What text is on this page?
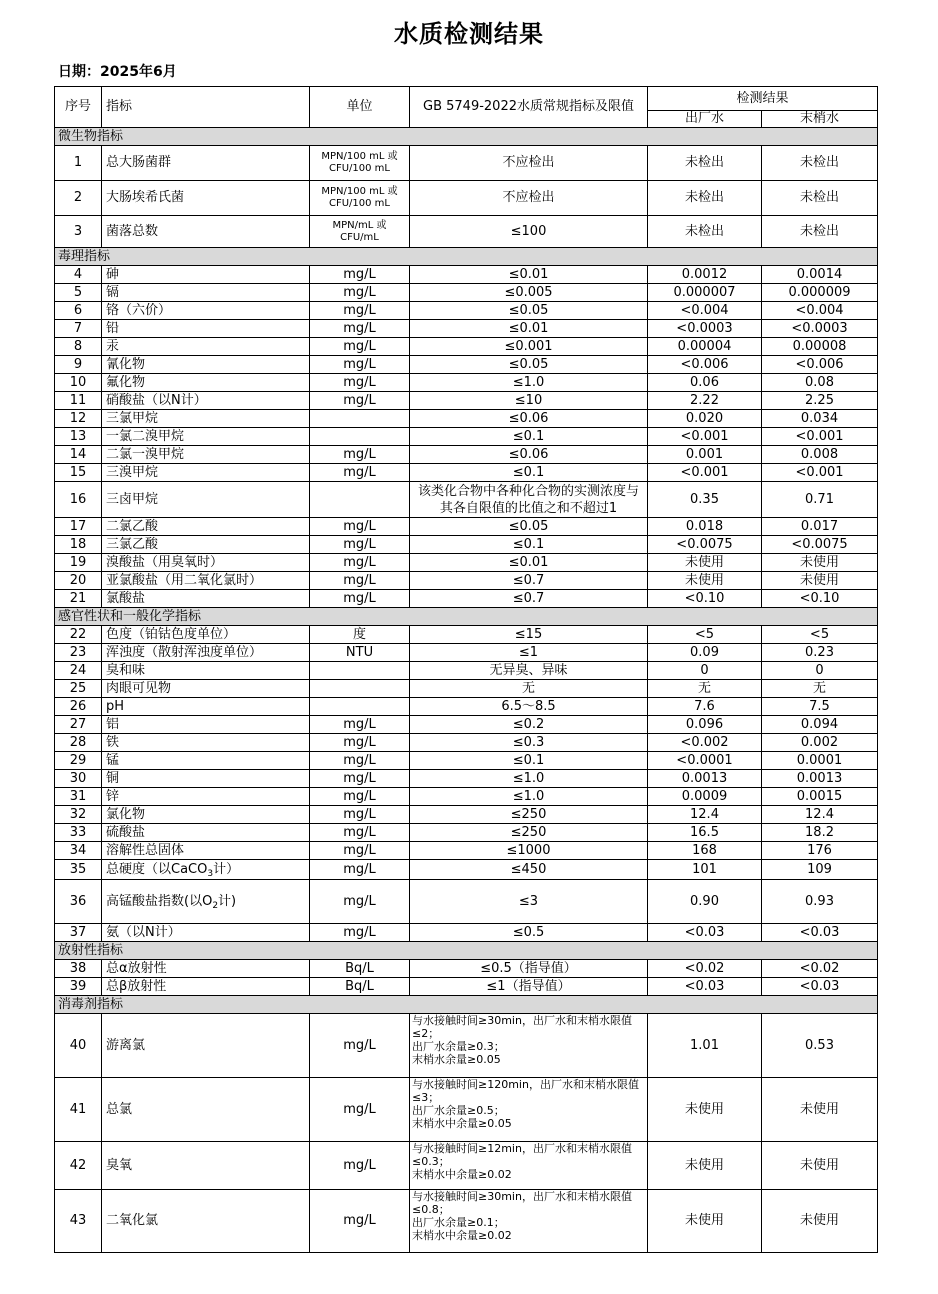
水质检测结果
日期：2025年6月
序号	指标	单位	GB 5749-2022水质常规指标及限值	检测结果	
				出厂水	末梢水
微生物指标					
1	总大肠菌群	MPN/100 mL 或 CFU/100 mL	不应检出	未检出	未检出
2	大肠埃希氏菌	MPN/100 mL 或 CFU/100 mL	不应检出	未检出	未检出
3	菌落总数	MPN/mL 或 CFU/mL	≤100	未检出	未检出
毒理指标					
4	砷	mg/L	≤0.01	0.0012	0.0014
5	镉	mg/L	≤0.005	0.000007	0.000009
6	铬（六价）	mg/L	≤0.05	<0.004	<0.004
7	铅	mg/L	≤0.01	<0.0003	<0.0003
8	汞	mg/L	≤0.001	0.00004	0.00008
9	氰化物	mg/L	≤0.05	<0.006	<0.006
10	氟化物	mg/L	≤1.0	0.06	0.08
11	硝酸盐（以N计）	mg/L	≤10	2.22	2.25
12	三氯甲烷		≤0.06	0.020	0.034
13	一氯二溴甲烷		≤0.1	<0.001	<0.001
14	二氯一溴甲烷	mg/L	≤0.06	0.001	0.008
15	三溴甲烷	mg/L	≤0.1	<0.001	<0.001
16	三卤甲烷		该类化合物中各种化合物的实测浓度与其各自限值的比值之和不超过1	0.35	0.71
17	二氯乙酸	mg/L	≤0.05	0.018	0.017
18	三氯乙酸	mg/L	≤0.1	<0.0075	<0.0075
19	溴酸盐（用臭氧时）	mg/L	≤0.01	未使用	未使用
20	亚氯酸盐（用二氧化氯时）	mg/L	≤0.7	未使用	未使用
21	氯酸盐	mg/L	≤0.7	<0.10	<0.10
感官性状和一般化学指标					
22	色度（铂钴色度单位）	度	≤15	<5	<5
23	浑浊度（散射浑浊度单位）	NTU	≤1	0.09	0.23
24	臭和味		无异臭、异味	0	0
25	肉眼可见物		无	无	无
26	pH		6.5～8.5	7.6	7.5
27	铝	mg/L	≤0.2	0.096	0.094
28	铁	mg/L	≤0.3	<0.002	0.002
29	锰	mg/L	≤0.1	<0.0001	0.0001
30	铜	mg/L	≤1.0	0.0013	0.0013
31	锌	mg/L	≤1.0	0.0009	0.0015
32	氯化物	mg/L	≤250	12.4	12.4
33	硫酸盐	mg/L	≤250	16.5	18.2
34	溶解性总固体	mg/L	≤1000	168	176
35	总硬度（以CaCO$_3$计）	mg/L	≤450	101	109
36	高锰酸盐指数(以$O_2$计)	mg/L	≤3	0.90	0.93
37	氨（以N计）	mg/L	≤0.5	<0.03	<0.03
放射性指标					
38	总α放射性	Bq/L	≤0.5（指导值）	<0.02	<0.02
39	总β放射性	Bq/L	≤1（指导值）	<0.03	<0.03
消毒剂指标					
40	游离氯	mg/L	与水接触时间≥30min，出厂水和末梢水限值≤2；
出厂水余量≥0.3；
末梢水余量≥0.05	1.01	0.53
41	总氯	mg/L	与水接触时间≥120min，出厂水和末梢水限值≤3；
出厂水余量≥0.5；
末梢水中余量≥0.05	未使用	未使用
42	臭氧	mg/L	与水接触时间≥12min，出厂水和末梢水限值≤0.3；
末梢水中余量≥0.02	未使用	未使用
43	二氧化氯	mg/L	与水接触时间≥30min，出厂水和末梢水限值≤0.8；
出厂水余量≥0.1；
末梢水中余量≥0.02	未使用	未使用
